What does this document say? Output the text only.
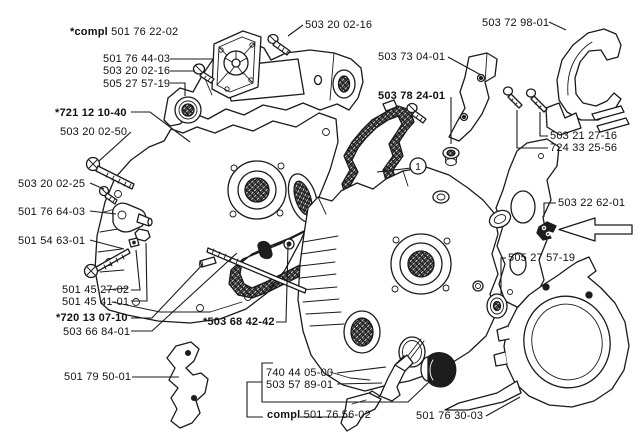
1
*compl 501 76 22-02
501 76 44-03
503 20 02-16
505 27 57-19
*721 12 10-40
503 20 02-50
503 20 02-25
501 76 64-03
501 54 63-01
501 45 27-02
501 45 41-01
*720 13 07-10
503 66 84-01
501 79 50-01
503 20 02-16	503 72 98-01
503 73 04-01
503 78 24-01
503 21 27-16
724 33 25-56
503 22 62-01
505 27 57-19
*503 68 42-42
740 44 05-00
503 57 89-01
compl 501 76 56-02	501 76 30-03
